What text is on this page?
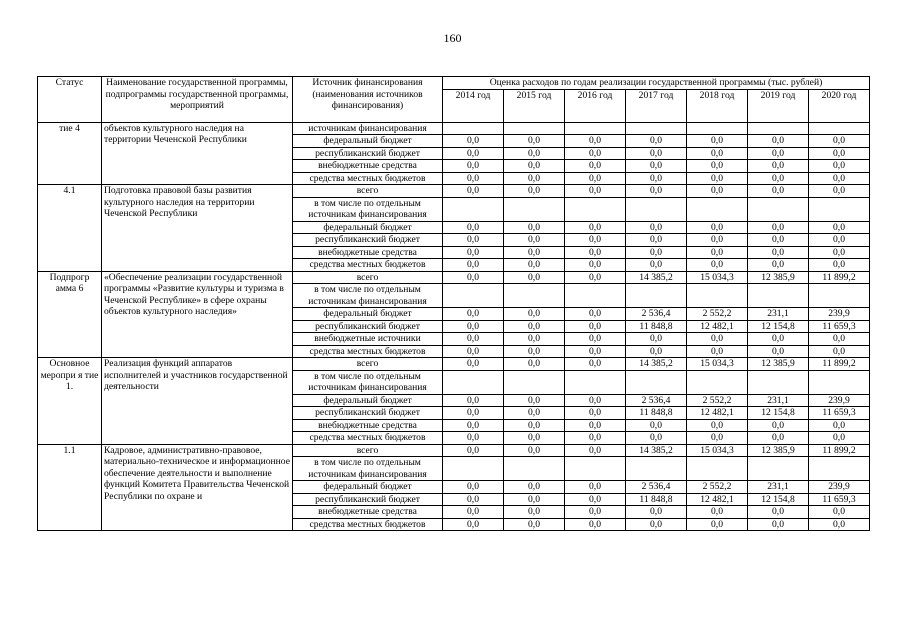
160
Статус	Наименование государственной программы, подпрограммы государственной программы, мероприятий	Источник финансирования (наименования источников финансирования)	Оценка расходов по годам реализации государственной программы (тыс. рублей)						
			2014 год	2015 год	2016 год	2017 год	2018 год	2019 год	2020 год
тие 4	объектов культурного наследия на территории Чеченской Республики	источникам финансирования							
		федеральный бюджет	0,0	0,0	0,0	0,0	0,0	0,0	0,0
		республиканский бюджет	0,0	0,0	0,0	0,0	0,0	0,0	0,0
		внебюджетные средства	0,0	0,0	0,0	0,0	0,0	0,0	0,0
		средства местных бюджетов	0,0	0,0	0,0	0,0	0,0	0,0	0,0
4.1	Подготовка правовой базы развития культурного наследия на территории Чеченской Республики	всего	0,0	0,0	0,0	0,0	0,0	0,0	0,0
		в том числе по отдельным источникам финансирования							
		федеральный бюджет	0,0	0,0	0,0	0,0	0,0	0,0	0,0
		республиканский бюджет	0,0	0,0	0,0	0,0	0,0	0,0	0,0
		внебюджетные средства	0,0	0,0	0,0	0,0	0,0	0,0	0,0
		средства местных бюджетов	0,0	0,0	0,0	0,0	0,0	0,0	0,0
Подпрогр амма 6	«Обеспечение реализации государственной программы «Развитие культуры и туризма в Чеченской Республике» в сфере охраны объектов культурного наследия»	всего	0,0	0,0	0,0	14 385,2	15 034,3	12 385,9	11 899,2
		в том числе по отдельным источникам финансирования							
		федеральный бюджет	0,0	0,0	0,0	2 536,4	2 552,2	231,1	239,9
		республиканский бюджет	0,0	0,0	0,0	11 848,8	12 482,1	12 154,8	11 659,3
		внебюджетные источники	0,0	0,0	0,0	0,0	0,0	0,0	0,0
		средства местных бюджетов	0,0	0,0	0,0	0,0	0,0	0,0	0,0
Основное меропри я тие 1.	Реализация функций аппаратов исполнителей и участников государственной деятельности	всего	0,0	0,0	0,0	14 385,2	15 034,3	12 385,9	11 899,2
		в том числе по отдельным источникам финансирования							
		федеральный бюджет	0,0	0,0	0,0	2 536,4	2 552,2	231,1	239,9
		республиканский бюджет	0,0	0,0	0,0	11 848,8	12 482,1	12 154,8	11 659,3
		внебюджетные средства	0,0	0,0	0,0	0,0	0,0	0,0	0,0
		средства местных бюджетов	0,0	0,0	0,0	0,0	0,0	0,0	0,0
1.1	Кадровое, административно-правовое, материально-техническое и информационное обеспечение деятельности и выполнение функций Комитета Правительства Чеченской Республики по охране и	всего	0,0	0,0	0,0	14 385,2	15 034,3	12 385,9	11 899,2
		в том числе по отдельным источникам финансирования							
		федеральный бюджет	0,0	0,0	0,0	2 536,4	2 552,2	231,1	239,9
		республиканский бюджет	0,0	0,0	0,0	11 848,8	12 482,1	12 154,8	11 659,3
		внебюджетные средства	0,0	0,0	0,0	0,0	0,0	0,0	0,0
		средства местных бюджетов	0,0	0,0	0,0	0,0	0,0	0,0	0,0
